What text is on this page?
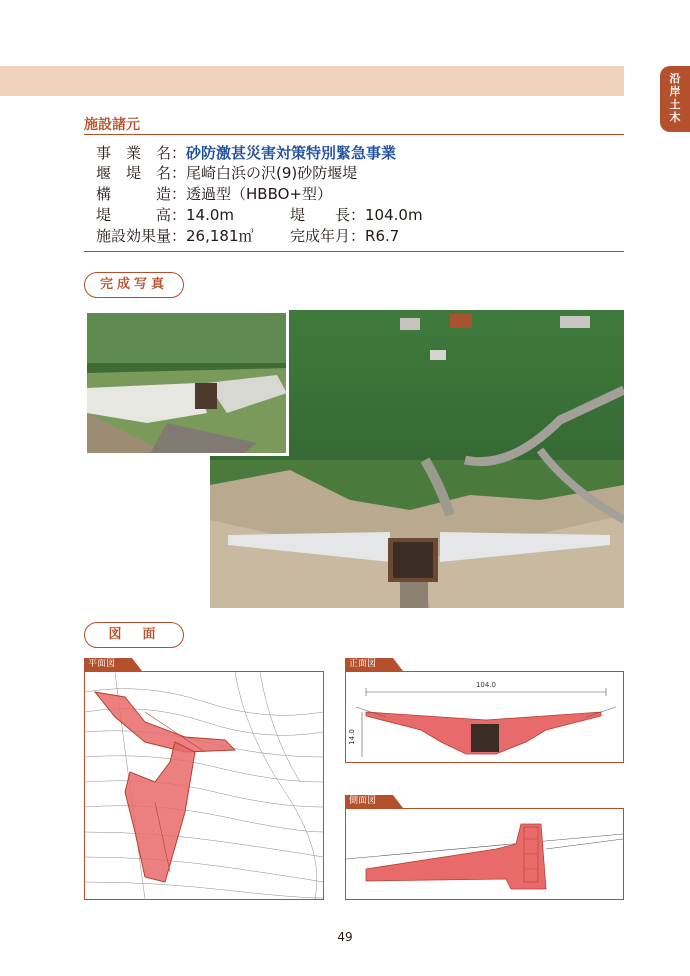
沿岸土木
施設諸元
事　業　名：砂防激甚災害対策特別緊急事業
堰　堤　名：尾崎白浜の沢(9)砂防堰堤
構　　　造：透過型（HBBO+型）
堤　　　高：14.0m	堤　　長：104.0m
施設効果量：26,181㎥ 完成年月：R6.7
完成写真
図　面
平面図	正面図
104.0
14.0
側面図
49
